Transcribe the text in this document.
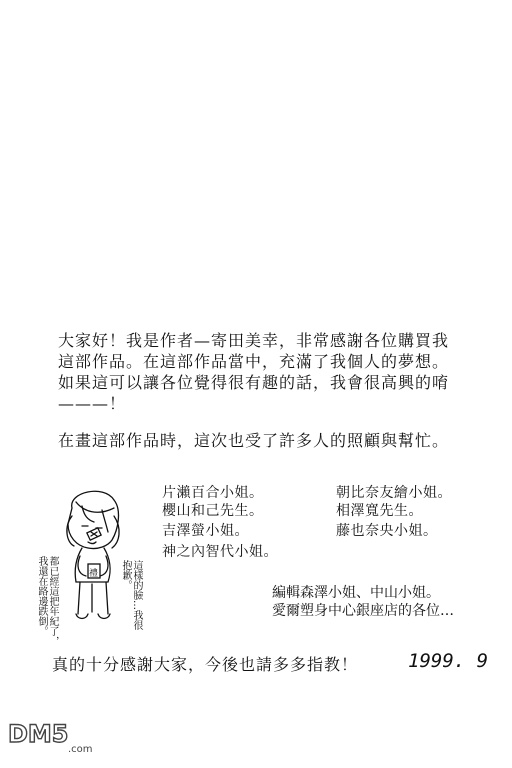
大家好！我是作者—寄田美幸，非常感謝各位購買我
這部作品。在這部作品當中，充滿了我個人的夢想。
如果這可以讓各位覺得很有趣的話，我會很高興的唷
———！
在畫這部作品時，這次也受了許多人的照顧與幫忙。
片瀨百合小姐。
櫻山和己先生。
吉澤螢小姐。
神之內智代小姐。
朝比奈友繪小姐。
相澤寬先生。
藤也奈央小姐。
編輯森澤小姐、中山小姐。
愛爾塑身中心銀座店的各位…
這樣的臉…我很抱歉。
都已經這把年紀了，我還在路邊跌倒。	禮
真的十分感謝大家，今後也請多多指教！	1999. 9
DM5
.com
